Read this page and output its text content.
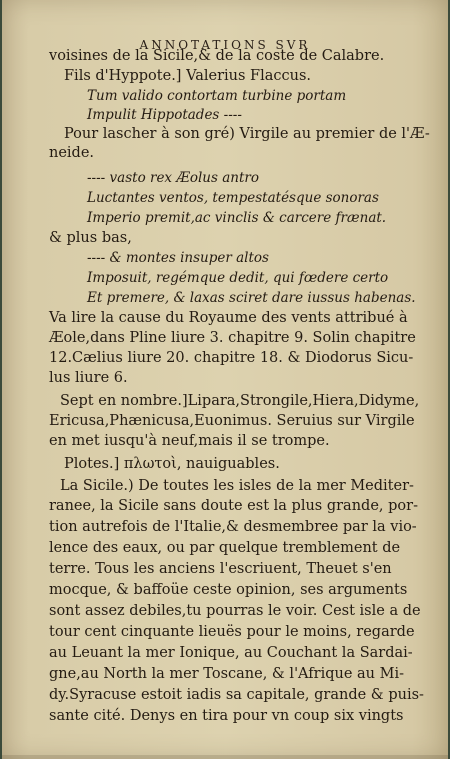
ANNOTATIONS SVR
voisines de la Sicile,& de la coste de Calabre.
Fils d'Hyppote.] Valerius Flaccus.
Tum valido contortam turbine portam
Impulit Hippotades ----
Pour lascher à son gré) Virgile au premier de l'Æ-
neide.
---- vasto rex Æolus antro
Luctantes ventos, tempestatésque sonoras
Imperio premit,ac vinclis & carcere frænat.
& plus bas,
---- & montes insuper altos
Imposuit, regémque dedit, qui fœdere certo
Et premere, & laxas sciret dare iussus habenas.
Va lire la cause du Royaume des vents attribué à
Æole,dans Pline liure 3. chapitre 9. Solin chapitre
12.Cælius liure 20. chapitre 18. & Diodorus Sicu-
lus liure 6.
Sept en nombre.]Lipara,Strongile,Hiera,Didyme,
Ericusa,Phænicusa,Euonimus. Seruius sur Virgile
en met iusqu'à neuf,mais il se trompe.
Plotes.] πλωτοὶ, nauiguables.
La Sicile.) De toutes les isles de la mer Mediter-
ranee, la Sicile sans doute est la plus grande, por-
tion autrefois de l'Italie,& desmembree par la vio-
lence des eaux, ou par quelque tremblement de
terre. Tous les anciens l'escriuent, Theuet s'en
mocque, & baffoüe ceste opinion, ses arguments
sont assez debiles,tu pourras le voir. Cest isle a de
tour cent cinquante lieuës pour le moins, regarde
au Leuant la mer Ionique, au Couchant la Sardai-
gne,au North la mer Toscane, & l'Afrique au Mi-
dy.Syracuse estoit iadis sa capitale, grande & puis-
sante cité. Denys en tira pour vn coup six vingts
